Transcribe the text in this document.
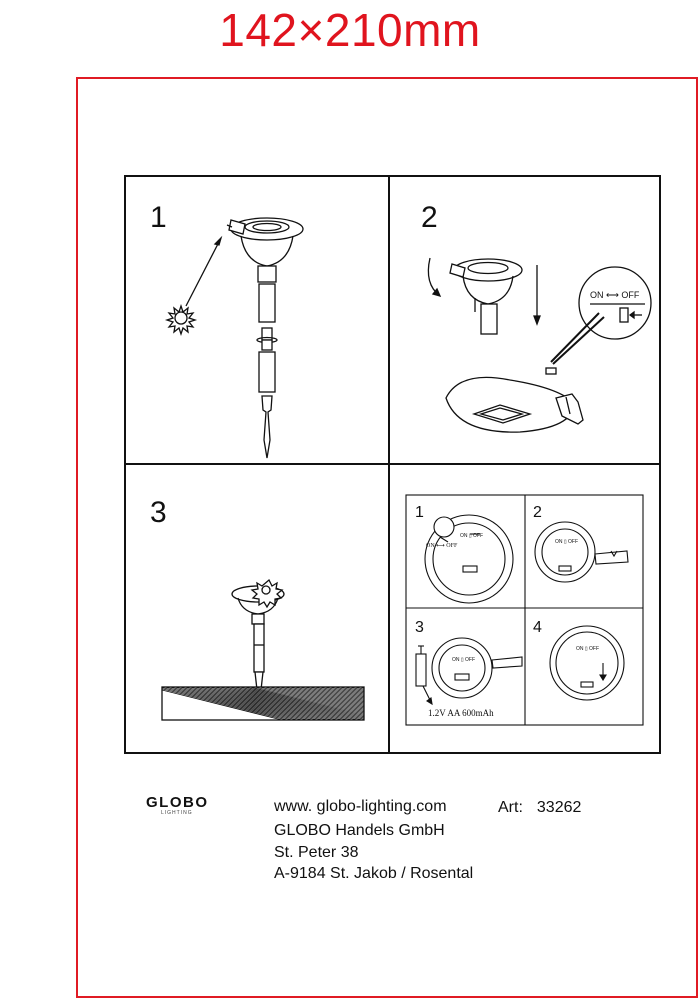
142×210mm
1	2
3
ON ⟷ OFF
ON ⟷ OFF
ON ▯ OFF
ON ▯ OFF
ON ▯ OFF
ON ▯ OFF
1.2V AA 600mAh
1	2
3	4
GLOBO
LIGHTING	www. globo-lighting.com
GLOBO Handels GmbH
St. Peter 38
A-9184 St. Jakob / Rosental
Art: 33262
